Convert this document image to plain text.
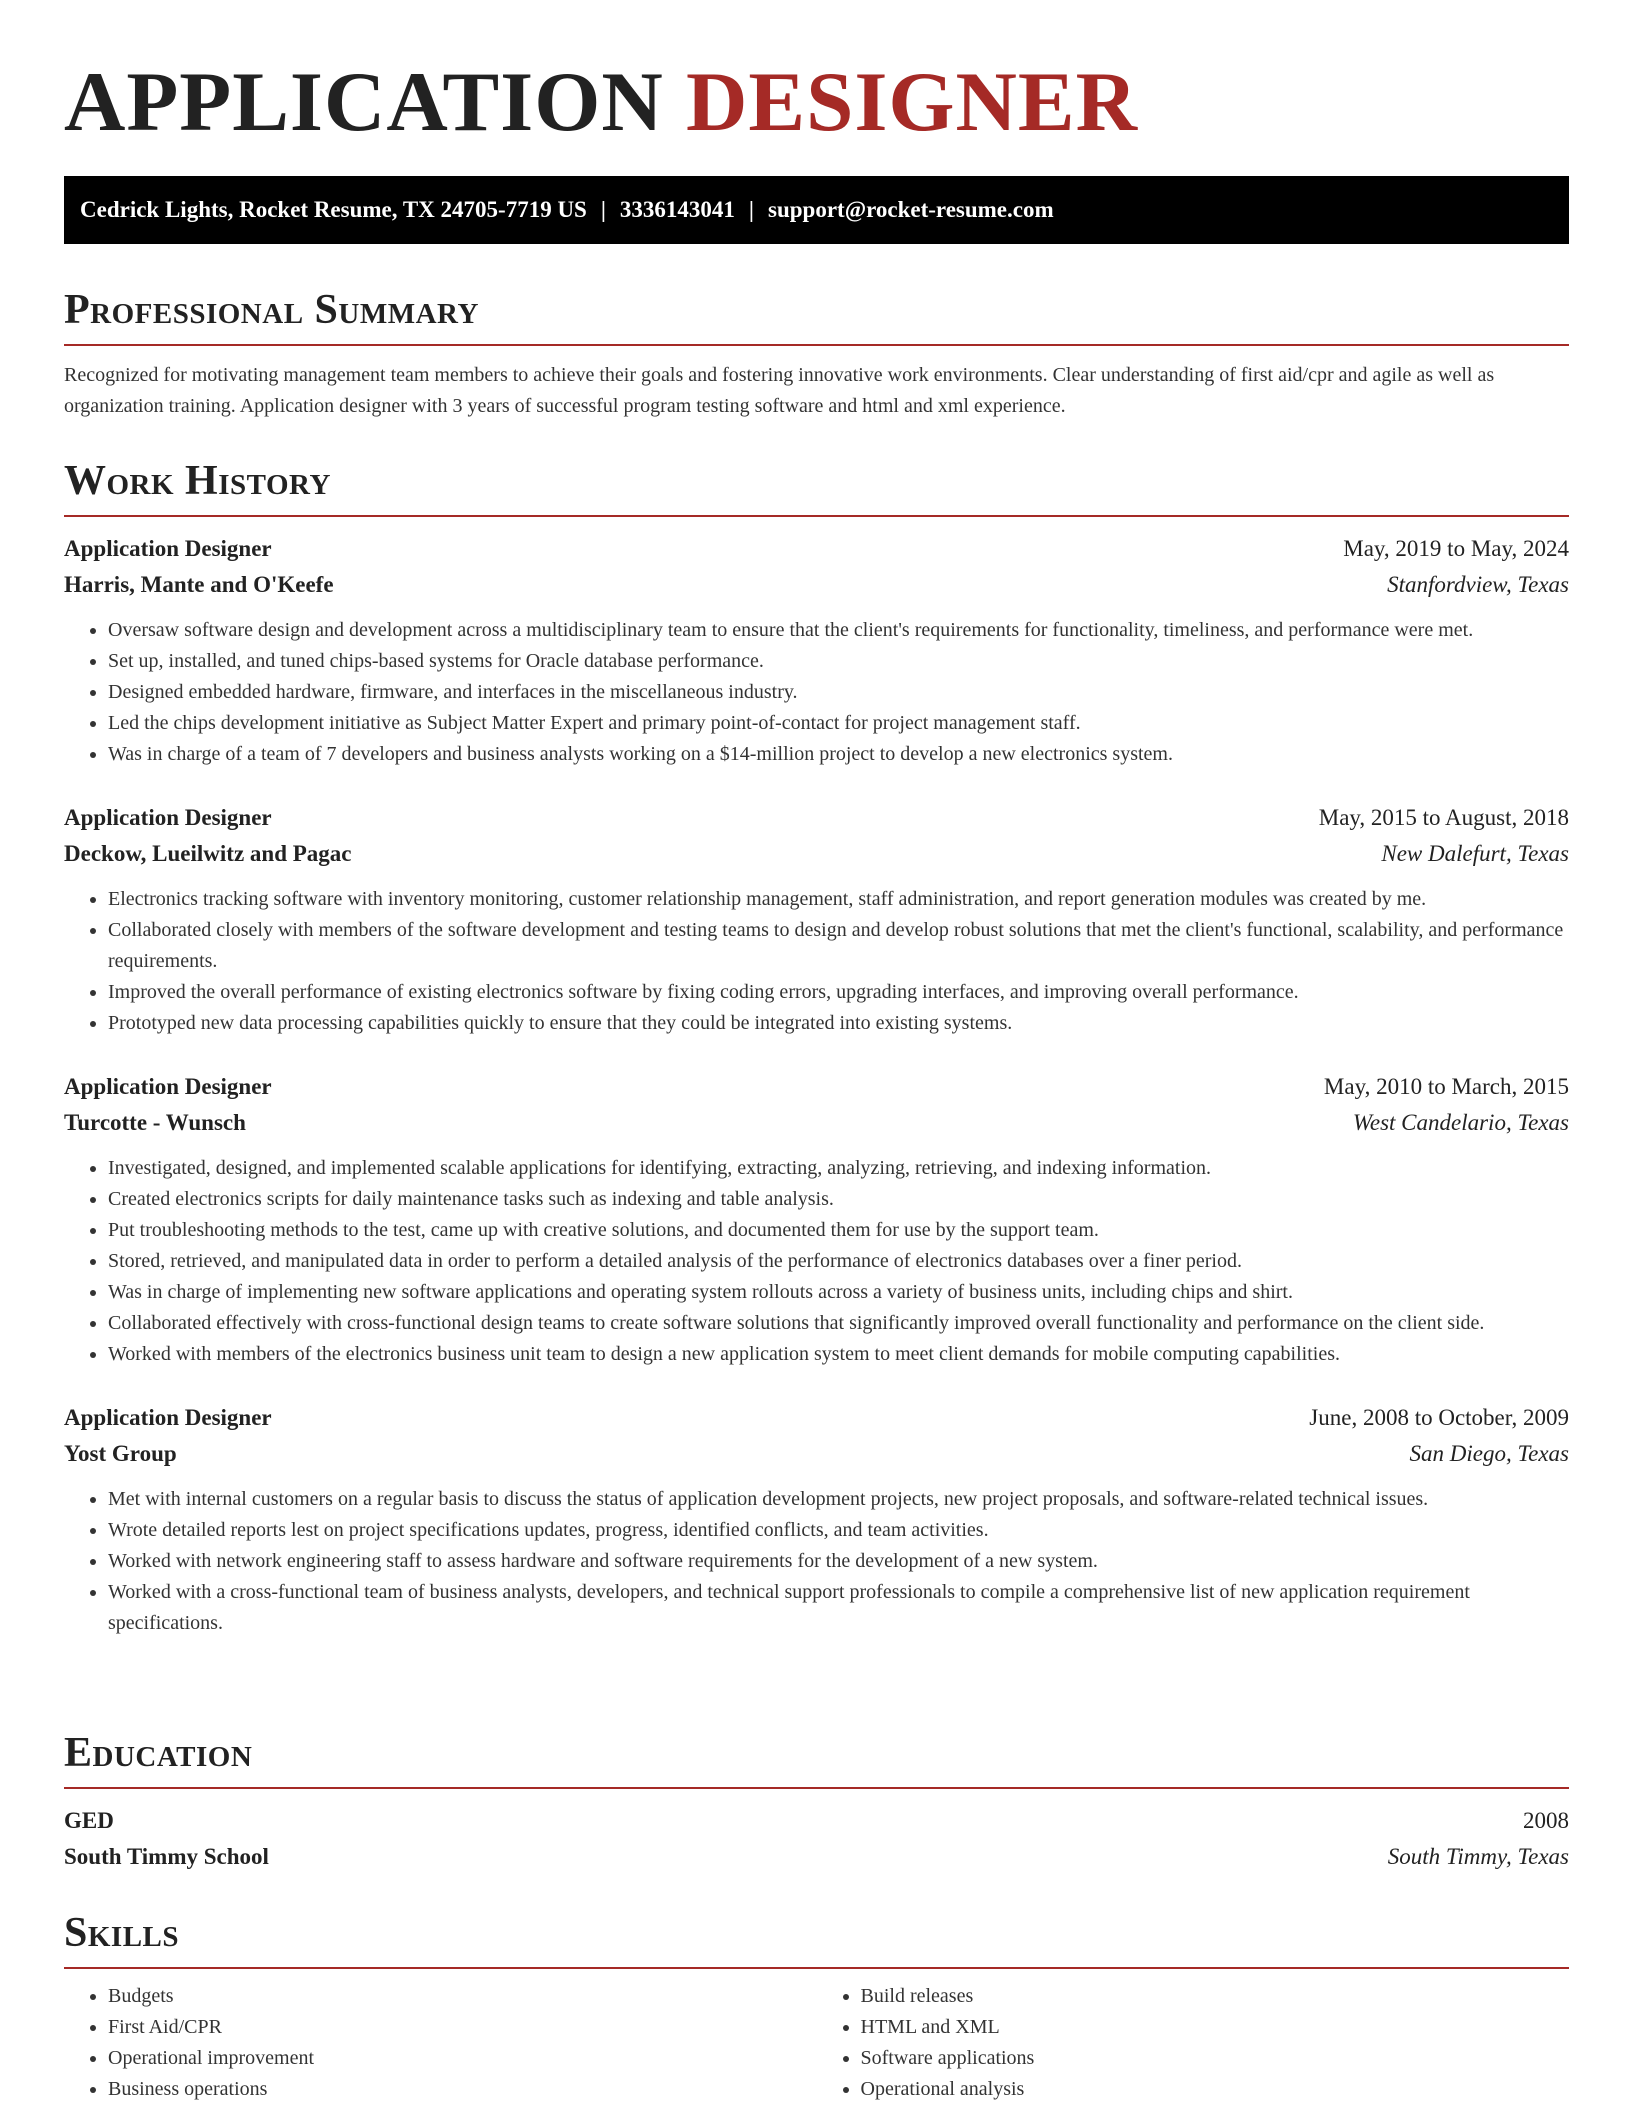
APPLICATION DESIGNER
Cedrick Lights, Rocket Resume, TX 24705-7719 US | 3336143041 | support@rocket-resume.com
Professional Summary

Recognized for motivating management team members to achieve their goals and fostering innovative work environments. Clear understanding of first aid/cpr and agile as well as organization training. Application designer with 3 years of successful program testing software and html and xml experience.

Work History
Application Designer	May, 2019 to May, 2024
Harris, Mante and O'Keefe	Stanfordview, Texas
• Oversaw software design and development across a multidisciplinary team to ensure that the client's requirements for functionality, timeliness, and performance were met.
• Set up, installed, and tuned chips-based systems for Oracle database performance.
• Designed embedded hardware, firmware, and interfaces in the miscellaneous industry.
• Led the chips development initiative as Subject Matter Expert and primary point-of-contact for project management staff.
• Was in charge of a team of 7 developers and business analysts working on a $14-million project to develop a new electronics system.
Application Designer	May, 2015 to August, 2018
Deckow, Lueilwitz and Pagac	New Dalefurt, Texas
• Electronics tracking software with inventory monitoring, customer relationship management, staff administration, and report generation modules was created by me.
• Collaborated closely with members of the software development and testing teams to design and develop robust solutions that met the client's functional, scalability, and performance requirements.
• Improved the overall performance of existing electronics software by fixing coding errors, upgrading interfaces, and improving overall performance.
• Prototyped new data processing capabilities quickly to ensure that they could be integrated into existing systems.
Application Designer	May, 2010 to March, 2015
Turcotte - Wunsch	West Candelario, Texas
• Investigated, designed, and implemented scalable applications for identifying, extracting, analyzing, retrieving, and indexing information.
• Created electronics scripts for daily maintenance tasks such as indexing and table analysis.
• Put troubleshooting methods to the test, came up with creative solutions, and documented them for use by the support team.
• Stored, retrieved, and manipulated data in order to perform a detailed analysis of the performance of electronics databases over a finer period.
• Was in charge of implementing new software applications and operating system rollouts across a variety of business units, including chips and shirt.
• Collaborated effectively with cross-functional design teams to create software solutions that significantly improved overall functionality and performance on the client side.
• Worked with members of the electronics business unit team to design a new application system to meet client demands for mobile computing capabilities.
Application Designer	June, 2008 to October, 2009
Yost Group	San Diego, Texas
• Met with internal customers on a regular basis to discuss the status of application development projects, new project proposals, and software-related technical issues.
• Wrote detailed reports lest on project specifications updates, progress, identified conflicts, and team activities.
• Worked with network engineering staff to assess hardware and software requirements for the development of a new system.
• Worked with a cross-functional team of business analysts, developers, and technical support professionals to compile a comprehensive list of new application requirement specifications.
Education
GED	2008
South Timmy School	South Timmy, Texas
Skills
• Budgets
• First Aid/CPR
• Operational improvement
• Business operations
• Build releases
• HTML and XML
• Software applications
• Operational analysis
